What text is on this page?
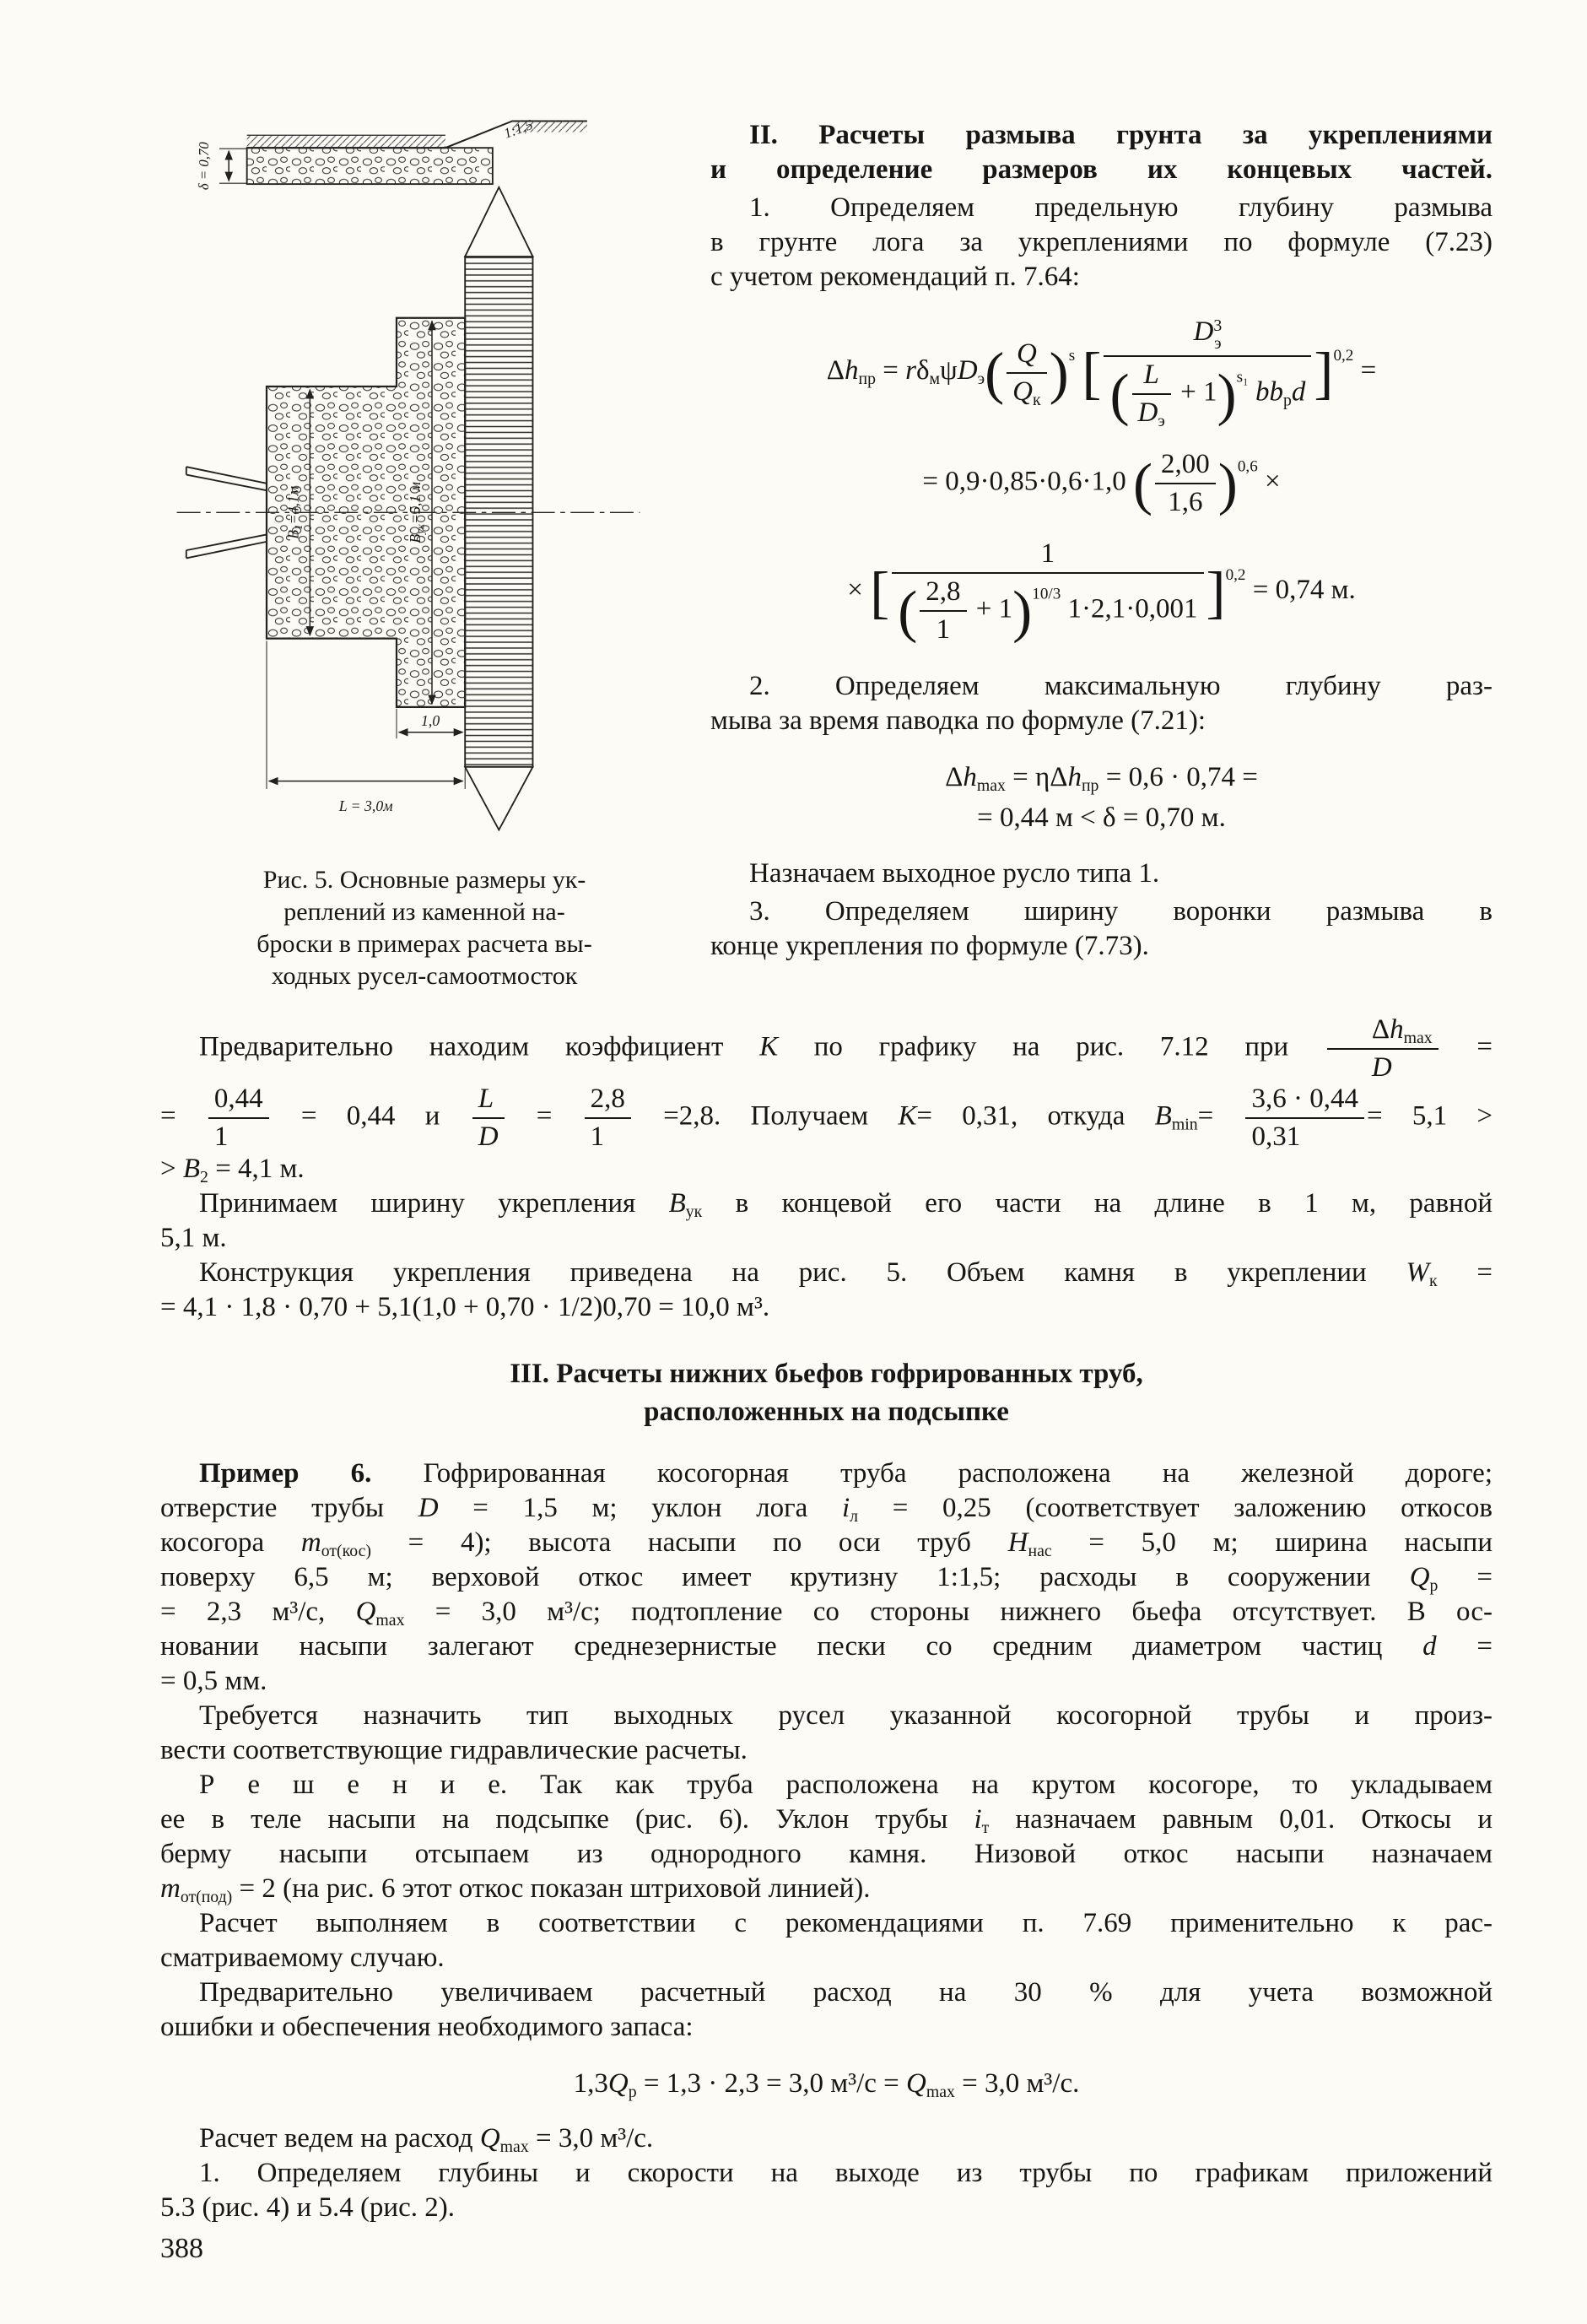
δ = 0,70
1:1,5
$В_1=4,1м$
$В_{ук}=5,1$ м
1,0
L = 3,0м
Рис. 5. Основные размеры ук-
реплений из каменной на-
броски в примерах расчета вы-
ходных русел-самоотмосток
II. Расчеты размыва грунта за укреплениями
и определение размеров их концевых частей.
1. Определяем предельную глубину размыва
в грунте лога за укреплениями по формуле (7.23)
с учетом рекомендаций п. 7.64:
$\Delta h_{пр} = r\delta_м\psi D_э( \frac{Q}{Q_к} )^s$ [ D 3
э
( $\frac{L}{D_э} + 1)^{s_1}$ $bb_рd$ ]$^{0,2}$ =
= 0,9·0,85·0,6·1,0 ( $\frac{2,00}{1,6} )^{0,6}$ ×
× [ $\frac{1}{( \frac{2,8}{1} + 1)^{10/3} 1\cdot 2,1\cdot 0,001} ]^{0,2} = 0,74$ м.
2. Определяем максимальную глубину раз-
мыва за время паводка по формуле (7.21):
$\Delta h_{max} = \eta\Delta h_{пр} = 0,6 \cdot 0,74$ =
= 0,44 м < δ = 0,70 м.
Назначаем выходное русло типа 1.
3. Определяем ширину воронки размыва в
конце укрепления по формуле (7.73).
Предварительно находим коэффициент К по графику на рис. 7.12 при $\frac{\Delta h_{max}}{D}$ =
= $\frac{0,44}{1} = 0,44$ и $\frac{L}{D} = \frac{2,8}{1} =2,8$. Получаем К= 0,31, откуда $B_{min}= \frac{3,6 \cdot 0,44}{0,31} = 5,1$ >
> $В_2 = 4,1$ м.
Принимаем ширину укрепления $В_{ук}$ в концевой его части на длине в 1 м, равной
5,1 м.
Конструкция укрепления приведена на рис. 5. Объем камня в укреплении $W_к$ =
= 4,1 · 1,8 · 0,70 + 5,1(1,0 + 0,70 · 1/2)0,70 = 10,0 м³.
III. Расчеты нижних бьефов гофрированных труб,
расположенных на подсыпке
Пример 6. Гофрированная косогорная труба расположена на железной дороге;
отверстие трубы D = 1,5 м; уклон лога $i_л = 0,25$ (соответствует заложению откосов
косогора $m_{от(кос)} = 4$); высота насыпи по оси труб $Н_{нас} = 5,0$ м; ширина насыпи
поверху 6,5 м; верховой откос имеет крутизну 1:1,5; расходы в сооружении $Q_р$ =
= 2,3 м³/с, $Q_{max} = 3,0$ м³/с; подтопление со стороны нижнего бьефа отсутствует. В ос-
новании насыпи залегают среднезернистые пески со средним диаметром частиц d =
= 0,5 мм.
Требуется назначить тип выходных русел указанной косогорной трубы и произ-
вести соответствующие гидравлические расчеты.
Р е ш е н и е. Так как труба расположена на крутом косогоре, то укладываем
ее в теле насыпи на подсыпке (рис. 6). Уклон трубы $i_т$ назначаем равным 0,01. Откосы и
берму насыпи отсыпаем из однородного камня. Низовой откос насыпи назначаем
$m_{от(под)} = 2$ (на рис. 6 этот откос показан штриховой линией).
Расчет выполняем в соответствии с рекомендациями п. 7.69 применительно к рас-
сматриваемому случаю.
Предварительно увеличиваем расчетный расход на 30 % для учета возможной
ошибки и обеспечения необходимого запаса:
$1,3Q_р = 1,3 \cdot 2,3 = 3,0$ $м^3/с = Q_{max} = 3,0$ м³/с.
Расчет ведем на расход $Q_{max} = 3,0$ м³/с.
1. Определяем глубины и скорости на выходе из трубы по графикам приложений
5.3 (рис. 4) и 5.4 (рис. 2).
388
